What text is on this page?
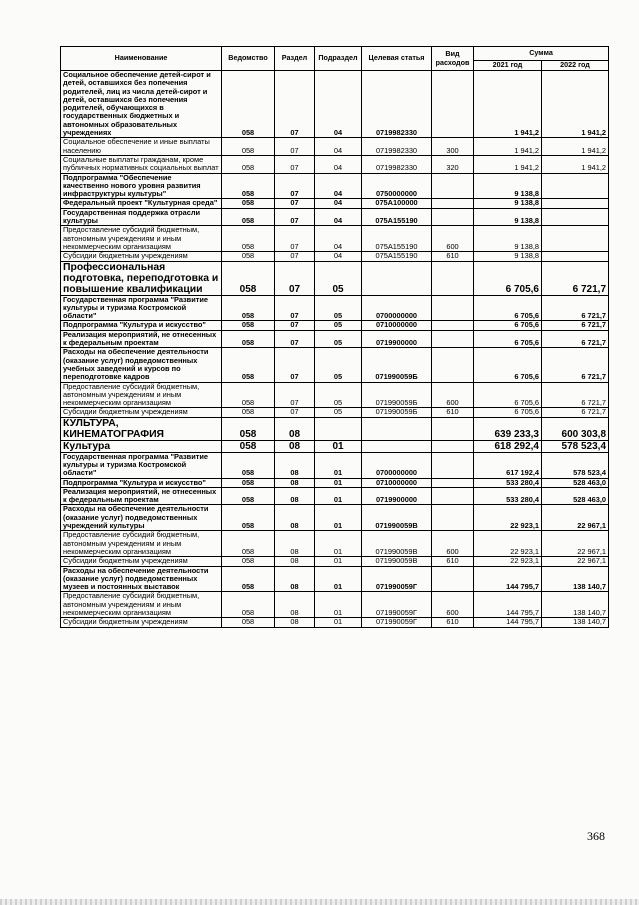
Наименование	Ведомство	Раздел	Подраздел	Целевая статья	Вид расходов	Сумма	
						2021 год	2022 год
Социальное обеспечение детей-сирот и детей, оставшихся без попечения родителей, лиц из числа детей-сирот и детей, оставшихся без попечения родителей, обучающихся в государственных бюджетных и автономных образовательных учреждениях	058	07	04	0719982330		1 941,2	1 941,2
Социальное обеспечение и иные выплаты населению	058	07	04	0719982330	300	1 941,2	1 941,2
Социальные выплаты гражданам, кроме публичных нормативных социальных выплат	058	07	04	0719982330	320	1 941,2	1 941,2
Подпрограмма "Обеспечение качественно нового уровня развития инфраструктуры культуры"	058	07	04	0750000000		9 138,8	
Федеральный проект "Культурная среда"	058	07	04	075A100000		9 138,8	
Государственная поддержка отрасли культуры	058	07	04	075A155190		9 138,8	
Предоставление субсидий бюджетным, автономным учреждениям и иным некоммерческим организациям	058	07	04	075A155190	600	9 138,8	
Субсидии бюджетным учреждениям	058	07	04	075A155190	610	9 138,8	
Профессиональная подготовка, переподготовка и повышение квалификации	058	07	05			6 705,6	6 721,7
Государственная программа "Развитие культуры и туризма Костромской области"	058	07	05	0700000000		6 705,6	6 721,7
Подпрограмма "Культура и искусство"	058	07	05	0710000000		6 705,6	6 721,7
Реализация мероприятий, не отнесенных к федеральным проектам	058	07	05	0719900000		6 705,6	6 721,7
Расходы на обеспечение деятельности (оказание услуг) подведомственных учебных заведений и курсов по переподготовке кадров	058	07	05	071990059Б		6 705,6	6 721,7
Предоставление субсидий бюджетным, автономным учреждениям и иным некоммерческим организациям	058	07	05	071990059Б	600	6 705,6	6 721,7
Субсидии бюджетным учреждениям	058	07	05	071990059Б	610	6 705,6	6 721,7
КУЛЬТУРА, КИНЕМАТОГРАФИЯ	058	08				639 233,3	600 303,8
Культура	058	08	01			618 292,4	578 523,4
Государственная программа "Развитие культуры и туризма Костромской области"	058	08	01	0700000000		617 192,4	578 523,4
Подпрограмма "Культура и искусство"	058	08	01	0710000000		533 280,4	528 463,0
Реализация мероприятий, не отнесенных к федеральным проектам	058	08	01	0719900000		533 280,4	528 463,0
Расходы на обеспечение деятельности (оказание услуг) подведомственных учреждений культуры	058	08	01	071990059В		22 923,1	22 967,1
Предоставление субсидий бюджетным, автономным учреждениям и иным некоммерческим организациям	058	08	01	071990059В	600	22 923,1	22 967,1
Субсидии бюджетным учреждениям	058	08	01	071990059В	610	22 923,1	22 967,1
Расходы на обеспечение деятельности (оказание услуг) подведомственных музеев и постоянных выставок	058	08	01	071990059Г		144 795,7	138 140,7
Предоставление субсидий бюджетным, автономным учреждениям и иным некоммерческим организациям	058	08	01	071990059Г	600	144 795,7	138 140,7
Субсидии бюджетным учреждениям	058	08	01	071990059Г	610	144 795,7	138 140,7
368
